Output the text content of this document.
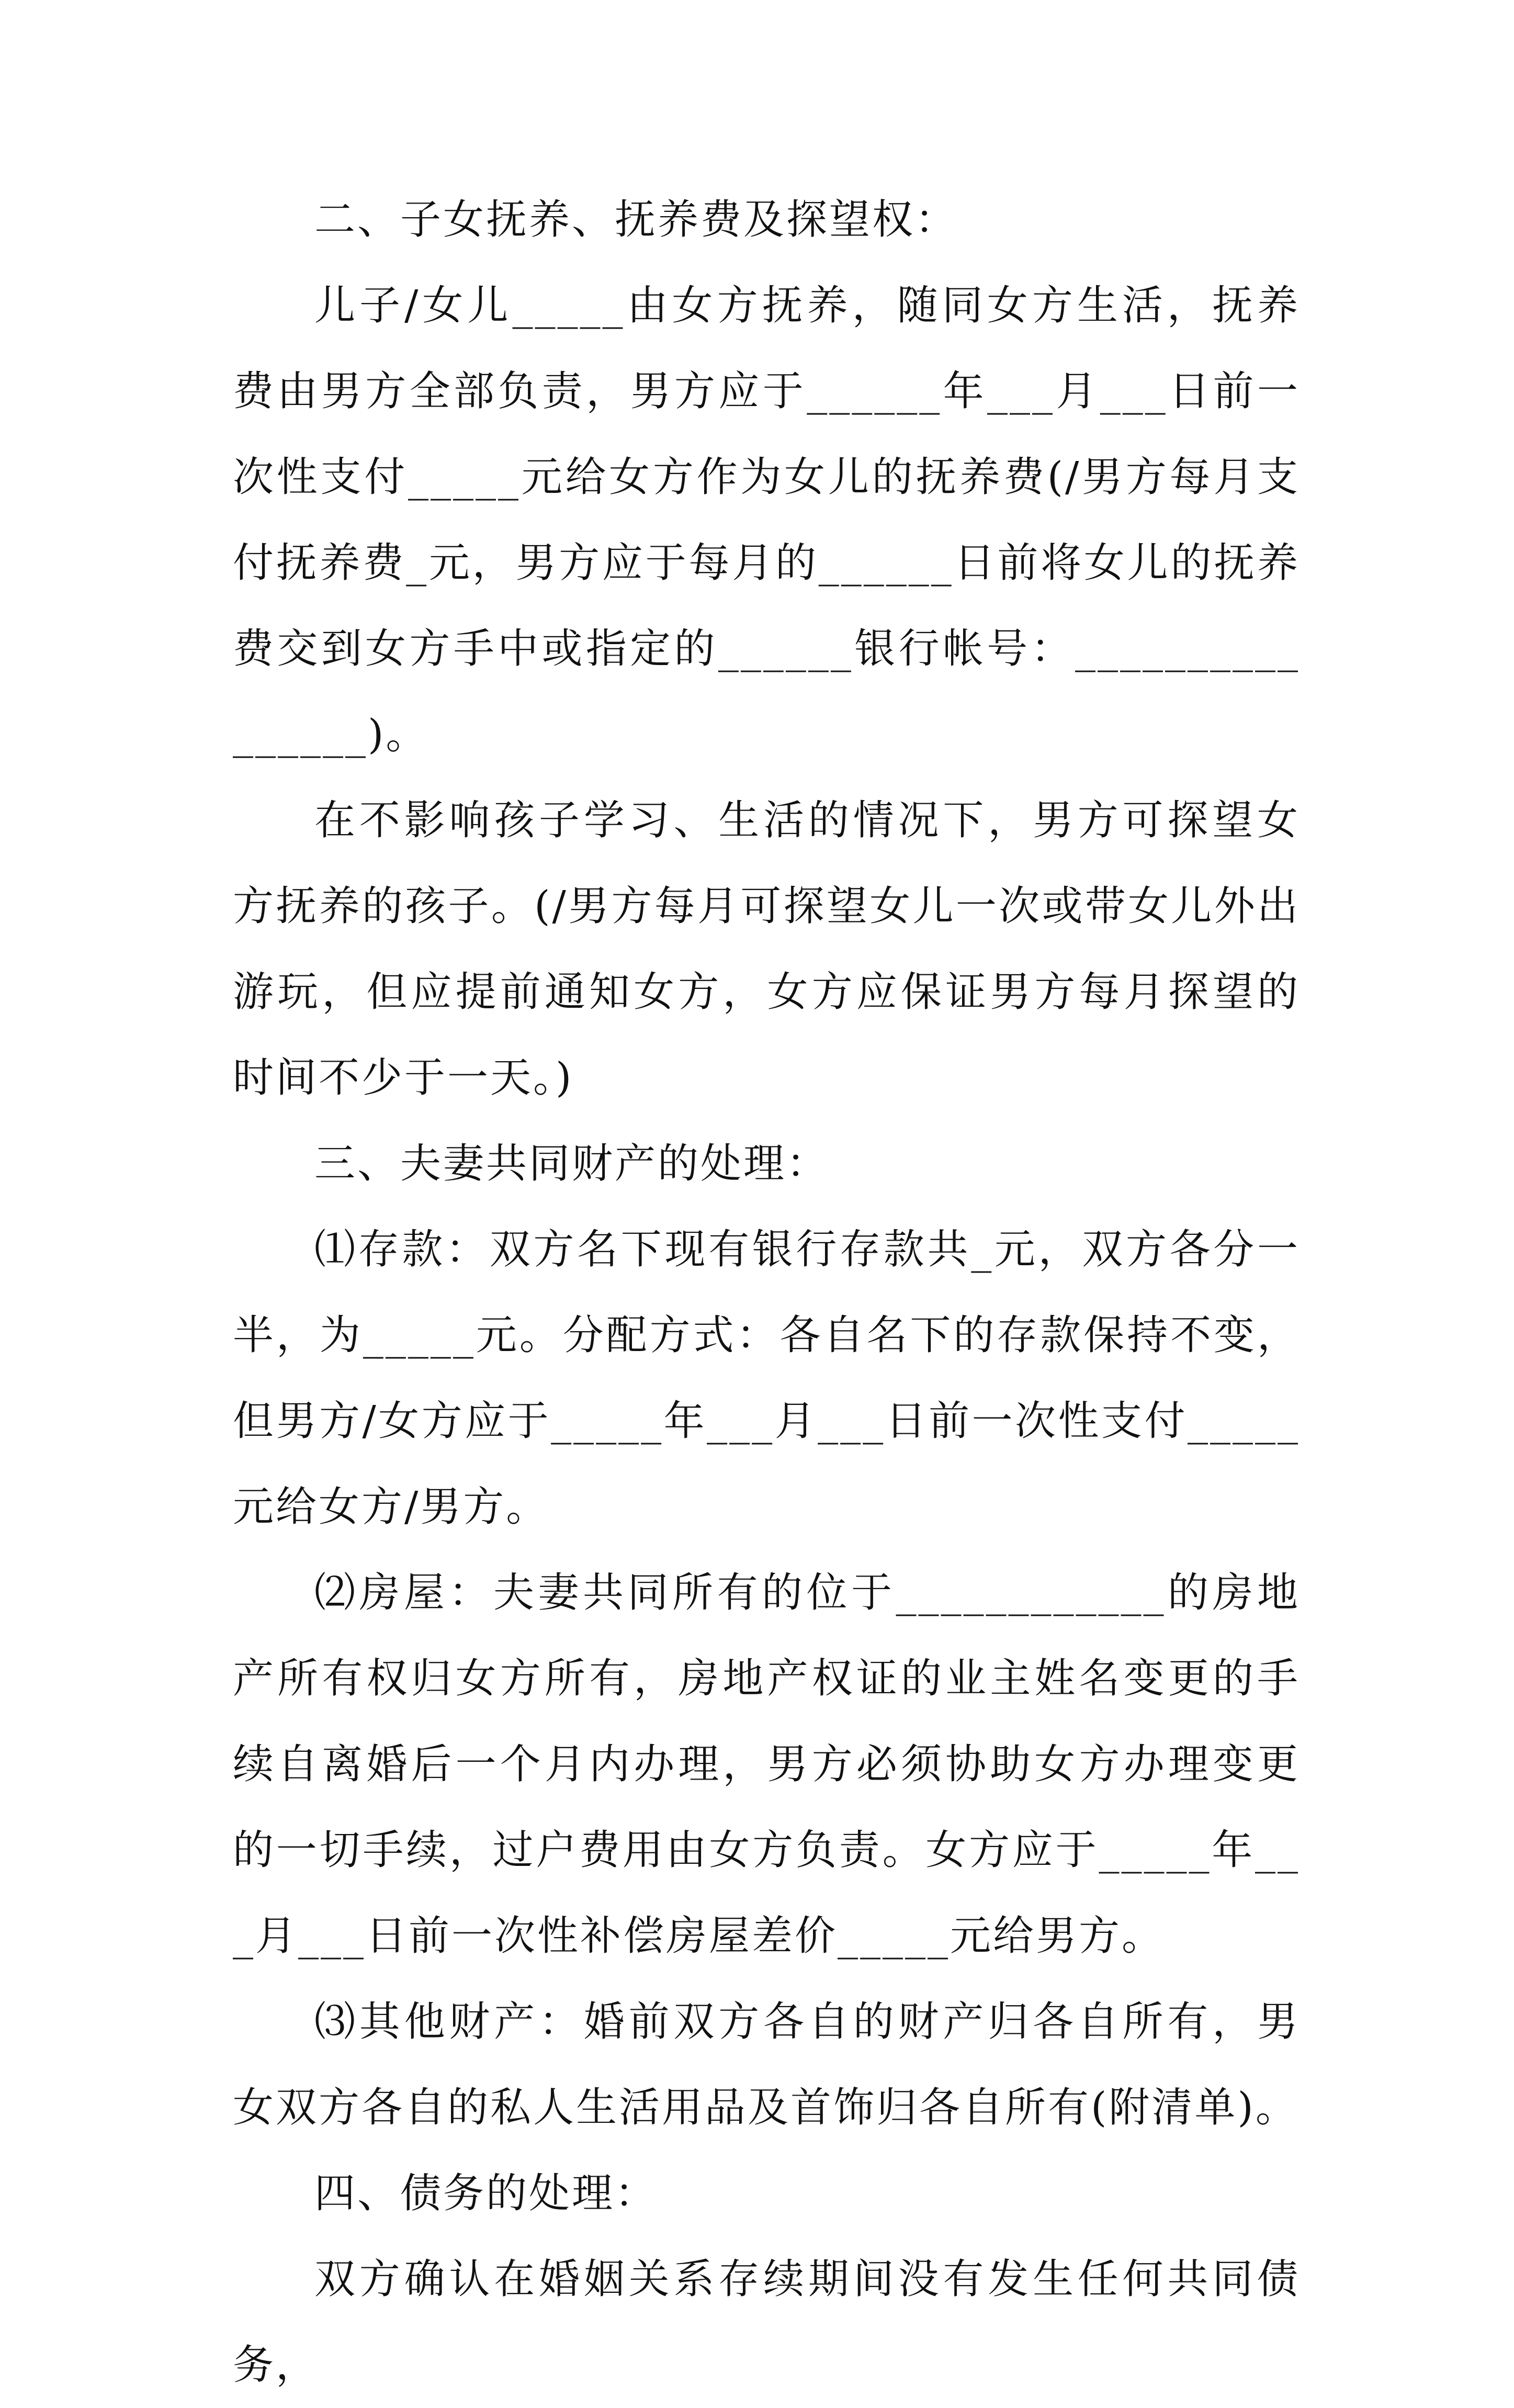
二、子女抚养、抚养费及探望权：

儿子/女儿_____由女方抚养，随同女方生活，抚养费由男方全部负责，男方应于______年___月___日前一次性支付_____元给女方作为女儿的抚养费(/男方每月支付抚养费_元，男方应于每月的______日前将女儿的抚养费交到女方手中或指定的______银行帐号：________________)。

在不影响孩子学习、生活的情况下，男方可探望女方抚养的孩子。(/男方每月可探望女儿一次或带女儿外出游玩，但应提前通知女方，女方应保证男方每月探望的时间不少于一天。)

三、夫妻共同财产的处理：

⑴存款：双方名下现有银行存款共_元，双方各分一半，为_____元。分配方式：各自名下的存款保持不变，但男方/女方应于_____年___月___日前一次性支付_____元给女方/男方。

⑵房屋：夫妻共同所有的位于____________的房地产所有权归女方所有，房地产权证的业主姓名变更的手续自离婚后一个月内办理，男方必须协助女方办理变更的一切手续，过户费用由女方负责。女方应于_____年___月___日前一次性补偿房屋差价_____元给男方。

⑶其他财产：婚前双方各自的财产归各自所有，男女双方各自的私人生活用品及首饰归各自所有(附清单)。

四、债务的处理：

双方确认在婚姻关系存续期间没有发生任何共同债务，
